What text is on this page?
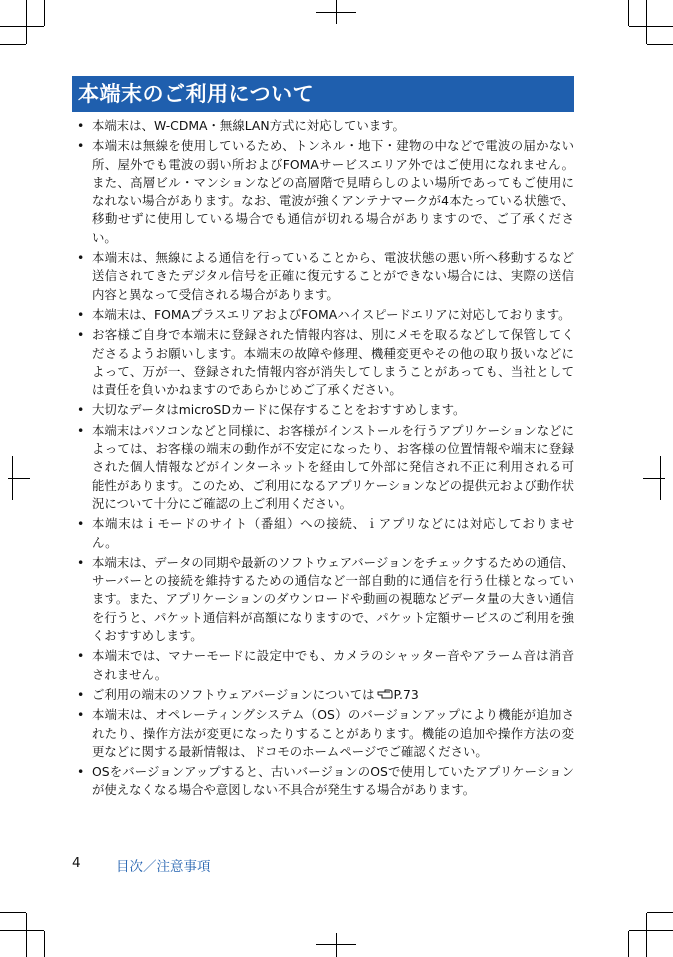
本端末のご利用について
• 本端末は、W-CDMA・無線LAN方式に対応しています。
• 本端末は無線を使用しているため、トンネル・地下・建物の中などで電波の届かない所、屋外でも電波の弱い所およびFOMAサービスエリア外ではご使用になれません。また、高層ビル・マンションなどの高層階で見晴らしのよい場所であってもご使用になれない場合があります。なお、電波が強くアンテナマークが4本たっている状態で、移動せずに使用している場合でも通信が切れる場合がありますので、ご了承ください。
• 本端末は、無線による通信を行っていることから、電波状態の悪い所へ移動するなど送信されてきたデジタル信号を正確に復元することができない場合には、実際の送信内容と異なって受信される場合があります。
• 本端末は、FOMAプラスエリアおよびFOMAハイスピードエリアに対応しております。
• お客様ご自身で本端末に登録された情報内容は、別にメモを取るなどして保管してくださるようお願いします。本端末の故障や修理、機種変更やその他の取り扱いなどによって、万が一、登録された情報内容が消失してしまうことがあっても、当社としては責任を負いかねますのであらかじめご了承ください。
• 大切なデータはmicroSDカードに保存することをおすすめします。
• 本端末はパソコンなどと同様に、お客様がインストールを行うアプリケーションなどによっては、お客様の端末の動作が不安定になったり、お客様の位置情報や端末に登録された個人情報などがインターネットを経由して外部に発信され不正に利用される可能性があります。このため、ご利用になるアプリケーションなどの提供元および動作状況について十分にご確認の上ご利用ください。
• 本端末はｉモードのサイト（番組）への接続、ｉアプリなどには対応しておりません。
• 本端末は、データの同期や最新のソフトウェアバージョンをチェックするための通信、サーバーとの接続を維持するための通信など一部自動的に通信を行う仕様となっています。また、アプリケーションのダウンロードや動画の視聴などデータ量の大きい通信を行うと、パケット通信料が高額になりますので、パケット定額サービスのご利用を強くおすすめします。
• 本端末では、マナーモードに設定中でも、カメラのシャッター音やアラーム音は消音されません。
• ご利用の端末のソフトウェアバージョンについては P.73
• 本端末は、オペレーティングシステム（OS）のバージョンアップにより機能が追加されたり、操作方法が変更になったりすることがあります。機能の追加や操作方法の変更などに関する最新情報は、ドコモのホームページでご確認ください。
• OSをバージョンアップすると、古いバージョンのOSで使用していたアプリケーションが使えなくなる場合や意図しない不具合が発生する場合があります。
4	目次／注意事項
